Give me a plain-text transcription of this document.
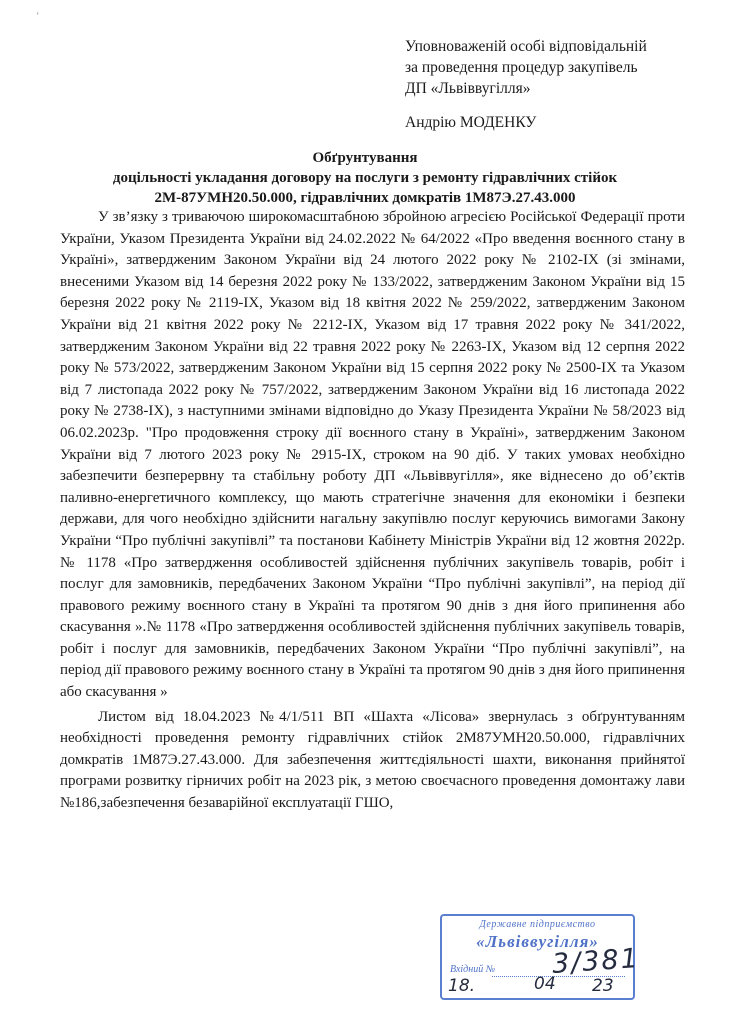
ʻ
Уповноваженій особі відповідальній
за проведення процедур закупівель
ДП «Львіввугілля»
Андрію МОДЕНКУ
Обґрунтування
доцільності укладання договору на послуги з ремонту гідравлічних стійок
2М-87УМН20.50.000, гідравлічних домкратів 1М87Э.27.43.000

У зв’язку з триваючою широкомасштабною збройною агресією Російської Федерації проти України, Указом Президента України від 24.02.2022 № 64/2022 «Про введення воєнного стану в Україні», затвердженим Законом України від 24 лютого 2022 року № 2102-IX (зі змінами, внесеними Указом від 14 березня 2022 року № 133/2022, затвердженим Законом України від 15 березня 2022 року № 2119-IX, Указом від 18 квітня 2022 № 259/2022, затвердженим Законом України від 21 квітня 2022 року № 2212-IX, Указом від 17 травня 2022 року № 341/2022, затвердженим Законом України від 22 травня 2022 року № 2263-IX, Указом від 12 серпня 2022 року № 573/2022, затвердженим Законом України від 15 серпня 2022 року № 2500-IX та Указом від 7 листопада 2022 року № 757/2022, затвердженим Законом України від 16 листопада 2022 року № 2738-IX), з наступними змінами відповідно до Указу Президента України № 58/2023 від 06.02.2023р. "Про продовження строку дії воєнного стану в Україні», затвердженим Законом України від 7 лютого 2023 року № 2915-IX, строком на 90 діб. У таких умовах необхідно забезпечити безперервну та стабільну роботу ДП «Львіввугілля», яке віднесено до об’єктів паливно-енергетичного комплексу, що мають стратегічне значення для економіки і безпеки держави, для чого необхідно здійснити нагальну закупівлю послуг керуючись вимогами Закону України “Про публічні закупівлі” та постанови Кабінету Міністрів України від 12 жовтня 2022р. № 1178 «Про затвердження особливостей здійснення публічних закупівель товарів, робіт і послуг для замовників, передбачених Законом України “Про публічні закупівлі”, на період дії правового режиму воєнного стану в Україні та протягом 90 днів з дня його припинення або скасування ».№ 1178 «Про затвердження особливостей здійснення публічних закупівель товарів, робіт і послуг для замовників, передбачених Законом України “Про публічні закупівлі”, на період дії правового режиму воєнного стану в Україні та протягом 90 днів з дня його припинення або скасування »

Листом від 18.04.2023 №4/1/511 ВП «Шахта «Лісова» звернулась з обґрунтуванням необхідності проведення ремонту гідравлічних стійок 2М87УМН20.50.000, гідравлічних домкратів 1М87Э.27.43.000. Для забезпечення життєдіяльності шахти, виконання прийнятої програми розвитку гірничих робіт на 2023 рік, з метою своєчасного проведення домонтажу лави №186,забезпечення безаварійної експлуатації ГШО,

Державне підприємство
«Львіввугілля»
Вхідний № 3/381
18.	04 23
